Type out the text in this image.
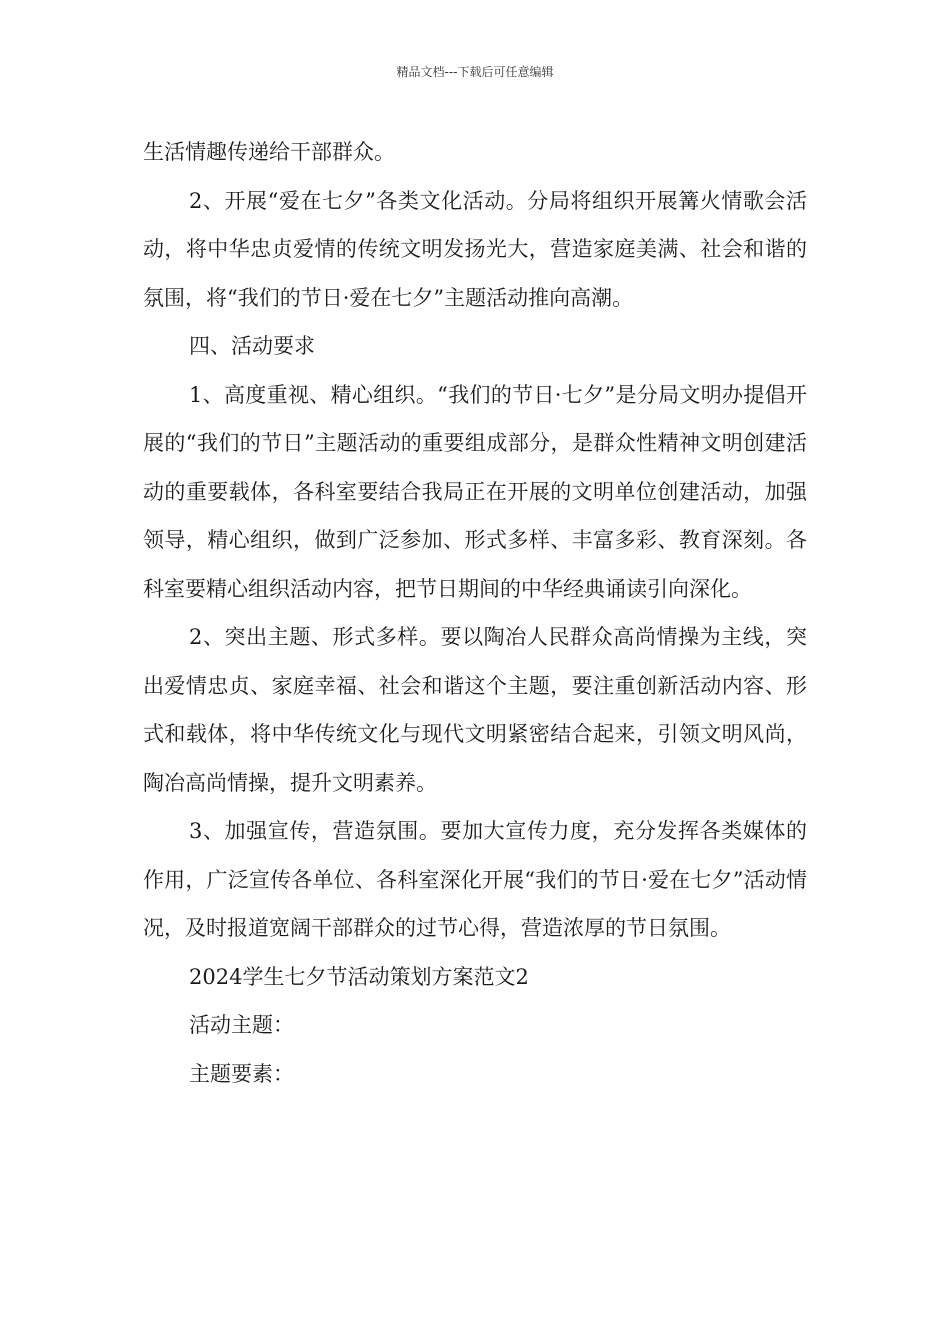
精品文档---下载后可任意编辑

生活情趣传递给干部群众。

2、开展“爱在七夕”各类文化活动。分局将组织开展篝火情歌会活动，将中华忠贞爱情的传统文明发扬光大，营造家庭美满、社会和谐的氛围，将“我们的节日·爱在七夕”主题活动推向高潮。

四、活动要求

1、高度重视、精心组织。“我们的节日·七夕”是分局文明办提倡开展的“我们的节日”主题活动的重要组成部分，是群众性精神文明创建活动的重要载体，各科室要结合我局正在开展的文明单位创建活动，加强领导，精心组织，做到广泛参加、形式多样、丰富多彩、教育深刻。各科室要精心组织活动内容，把节日期间的中华经典诵读引向深化。

2、突出主题、形式多样。要以陶冶人民群众高尚情操为主线，突出爱情忠贞、家庭幸福、社会和谐这个主题，要注重创新活动内容、形式和载体，将中华传统文化与现代文明紧密结合起来，引领文明风尚，陶冶高尚情操，提升文明素养。

3、加强宣传，营造氛围。要加大宣传力度，充分发挥各类媒体的作用，广泛宣传各单位、各科室深化开展“我们的节日·爱在七夕”活动情况，及时报道宽阔干部群众的过节心得，营造浓厚的节日氛围。

2024学生七夕节活动策划方案范文2

活动主题：

主题要素：
